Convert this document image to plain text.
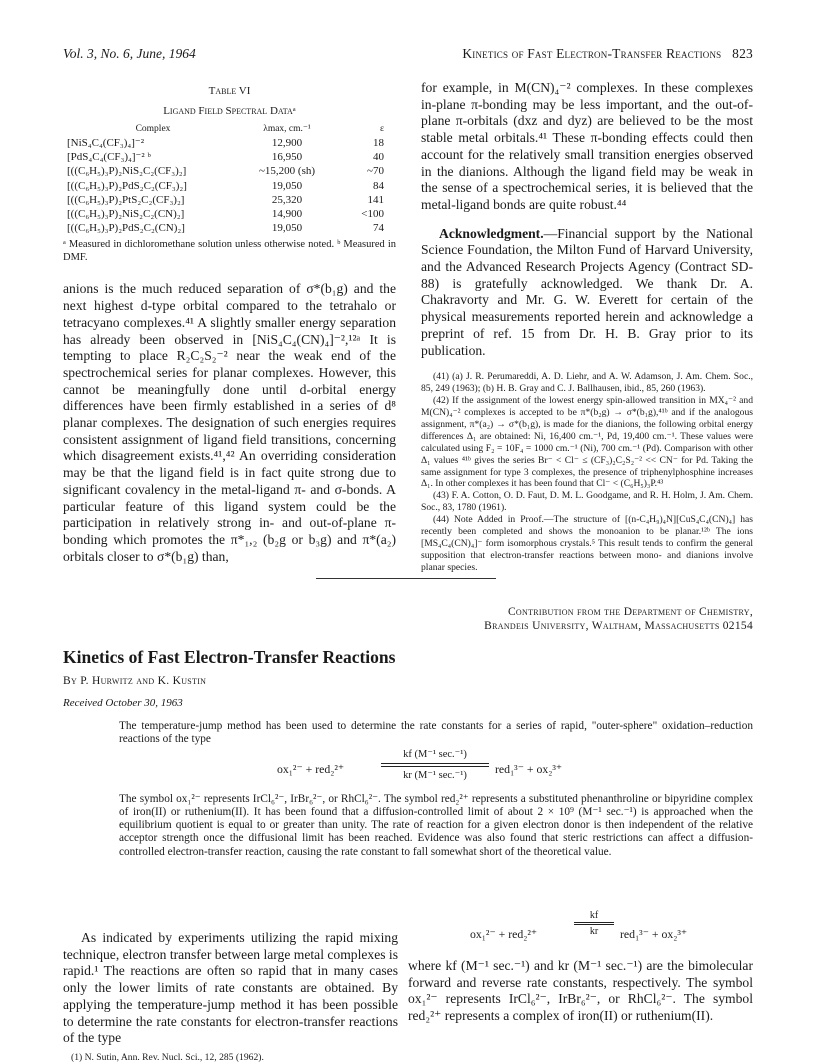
Vol. 3, No. 6, June, 1964	Kinetics of Fast Electron-Transfer Reactions 823
Table VI
Ligand Field Spectral Dataᵃ
Complex	λmax, cm.⁻¹	ε
[NiS₄C₄(CF₃)₄]⁻²	12,900	18
[PdS₄C₄(CF₃)₄]⁻² ᵇ	16,950	40
[((C₆H₅)₃P)₂NiS₂C₂(CF₃)₂]	~15,200 (sh)	~70
[((C₆H₅)₃P)₂PdS₂C₂(CF₃)₂]	19,050	84
[((C₆H₅)₃P)₂PtS₂C₂(CF₃)₂]	25,320	141
[((C₆H₅)₃P)₂NiS₂C₂(CN)₂]	14,900	<100
[((C₆H₅)₃P)₂PdS₂C₂(CN)₂]	19,050	74
ᵃ Measured in dichloromethane solution unless otherwise noted. ᵇ Measured in DMF.
anions is the much reduced separation of σ*(b₁g) and the next highest d-type orbital compared to the tetrahalo or tetracyano complexes.⁴¹ A slightly smaller energy separation has already been observed in [NiS₄C₄(CN)₄]⁻²,¹²ᵃ It is tempting to place R₂C₂S₂⁻² near the weak end of the spectrochemical series for planar complexes. However, this cannot be meaningfully done until d-orbital energy differences have been firmly established in a series of d⁸ planar complexes. The designation of such energies requires consistent assignment of ligand field transitions, concerning which disagreement exists.⁴¹,⁴² An overriding consideration may be that the ligand field is in fact quite strong due to significant covalency in the metal-ligand π- and σ-bonds. A particular feature of this ligand system could be the participation in relatively strong in- and out-of-plane π-bonding which promotes the π*₁,₂ (b₂g or b₃g) and π*(a₂) orbitals closer to σ*(b₁g) than,
for example, in M(CN)₄⁻² complexes. In these complexes in-plane π-bonding may be less important, and the out-of-plane π-orbitals (dxz and dyz) are believed to be the most stable metal orbitals.⁴¹ These π-bonding effects could then account for the relatively small transition energies observed in the dianions. Although the ligand field may be weak in the sense of a spectrochemical series, it is believed that the metal-ligand bonds are quite robust.⁴⁴
Acknowledgment.—Financial support by the National Science Foundation, the Milton Fund of Harvard University, and the Advanced Research Projects Agency (Contract SD-88) is gratefully acknowledged. We thank Dr. A. Chakravorty and Mr. G. W. Everett for certain of the physical measurements reported herein and acknowledge a preprint of ref. 15 from Dr. H. B. Gray prior to its publication.

(41) (a) J. R. Perumareddi, A. D. Liehr, and A. W. Adamson, J. Am. Chem. Soc., 85, 249 (1963); (b) H. B. Gray and C. J. Ballhausen, ibid., 85, 260 (1963).

(42) If the assignment of the lowest energy spin-allowed transition in MX₄⁻² and M(CN)₄⁻² complexes is accepted to be π*(b₂g) → σ*(b₁g),⁴¹ᵇ and if the analogous assignment, π*(a₂) → σ*(b₁g), is made for the dianions, the following orbital energy differences Δ₁ are obtained: Ni, 16,400 cm.⁻¹, Pd, 19,400 cm.⁻¹. These values were calculated using F₂ = 10F₄ = 1000 cm.⁻¹ (Ni), 700 cm.⁻¹ (Pd). Comparison with other Δ₁ values ⁴¹ᵇ gives the series Br⁻ < Cl⁻ ≤ (CF₃)₂C₂S₂⁻² << CN⁻ for Pd. Taking the same assignment for type 3 complexes, the presence of triphenylphosphine increases Δ₁. In other complexes it has been found that Cl⁻ < (C₆H₅)₃P.⁴³

(43) F. A. Cotton, O. D. Faut, D. M. L. Goodgame, and R. H. Holm, J. Am. Chem. Soc., 83, 1780 (1961).

(44) Note Added in Proof.—The structure of [(n-C₄H₉)₄N][CuS₄C₄(CN)₄] has recently been completed and shows the monoanion to be planar.¹²ᵇ The ions [MS₄C₄(CN)₄]⁻ form isomorphous crystals.⁵ This result tends to confirm the general supposition that electron-transfer reactions between mono- and dianions involve planar species.

Contribution from the Department of Chemistry,
Brandeis University, Waltham, Massachusetts 02154
Kinetics of Fast Electron-Transfer Reactions
By P. Hurwitz and K. Kustin
Received October 30, 1963
The temperature-jump method has been used to determine the rate constants for a series of rapid, "outer-sphere" oxidation–reduction reactions of the type
ox₁²⁻ + red₂²⁺
kf (M⁻¹ sec.⁻¹)
kr (M⁻¹ sec.⁻¹)	red₁³⁻ + ox₂³⁺
The symbol ox₁²⁻ represents IrCl₆²⁻, IrBr₆²⁻, or RhCl₆²⁻. The symbol red₂²⁺ represents a substituted phenanthroline or bipyridine complex of iron(II) or ruthenium(II). It has been found that a diffusion-controlled limit of about 2 × 10⁹ (M⁻¹ sec.⁻¹) is approached when the equilibrium quotient is equal to or greater than unity. The rate of reaction for a given electron donor is then independent of the relative acceptor strength once the diffusional limit has been reached. Evidence was also found that steric restrictions can affect a diffusion-controlled electron-transfer reaction, causing the rate constant to fall somewhat short of the theoretical value.
As indicated by experiments utilizing the rapid mixing technique, electron transfer between large metal complexes is rapid.¹ The reactions are often so rapid that in many cases only the lower limits of rate constants are obtained. By applying the temperature-jump method it has been possible to determine the rate constants for electron-transfer reactions of the type
(1) N. Sutin, Ann. Rev. Nucl. Sci., 12, 285 (1962).
ox₁²⁻ + red₂²⁺
kf
kr	red₁³⁻ + ox₂³⁺
where kf (M⁻¹ sec.⁻¹) and kr (M⁻¹ sec.⁻¹) are the bimolecular forward and reverse rate constants, respectively. The symbol ox₁²⁻ represents IrCl₆²⁻, IrBr₆²⁻, or RhCl₆²⁻. The symbol red₂²⁺ represents a complex of iron(II) or ruthenium(II).
